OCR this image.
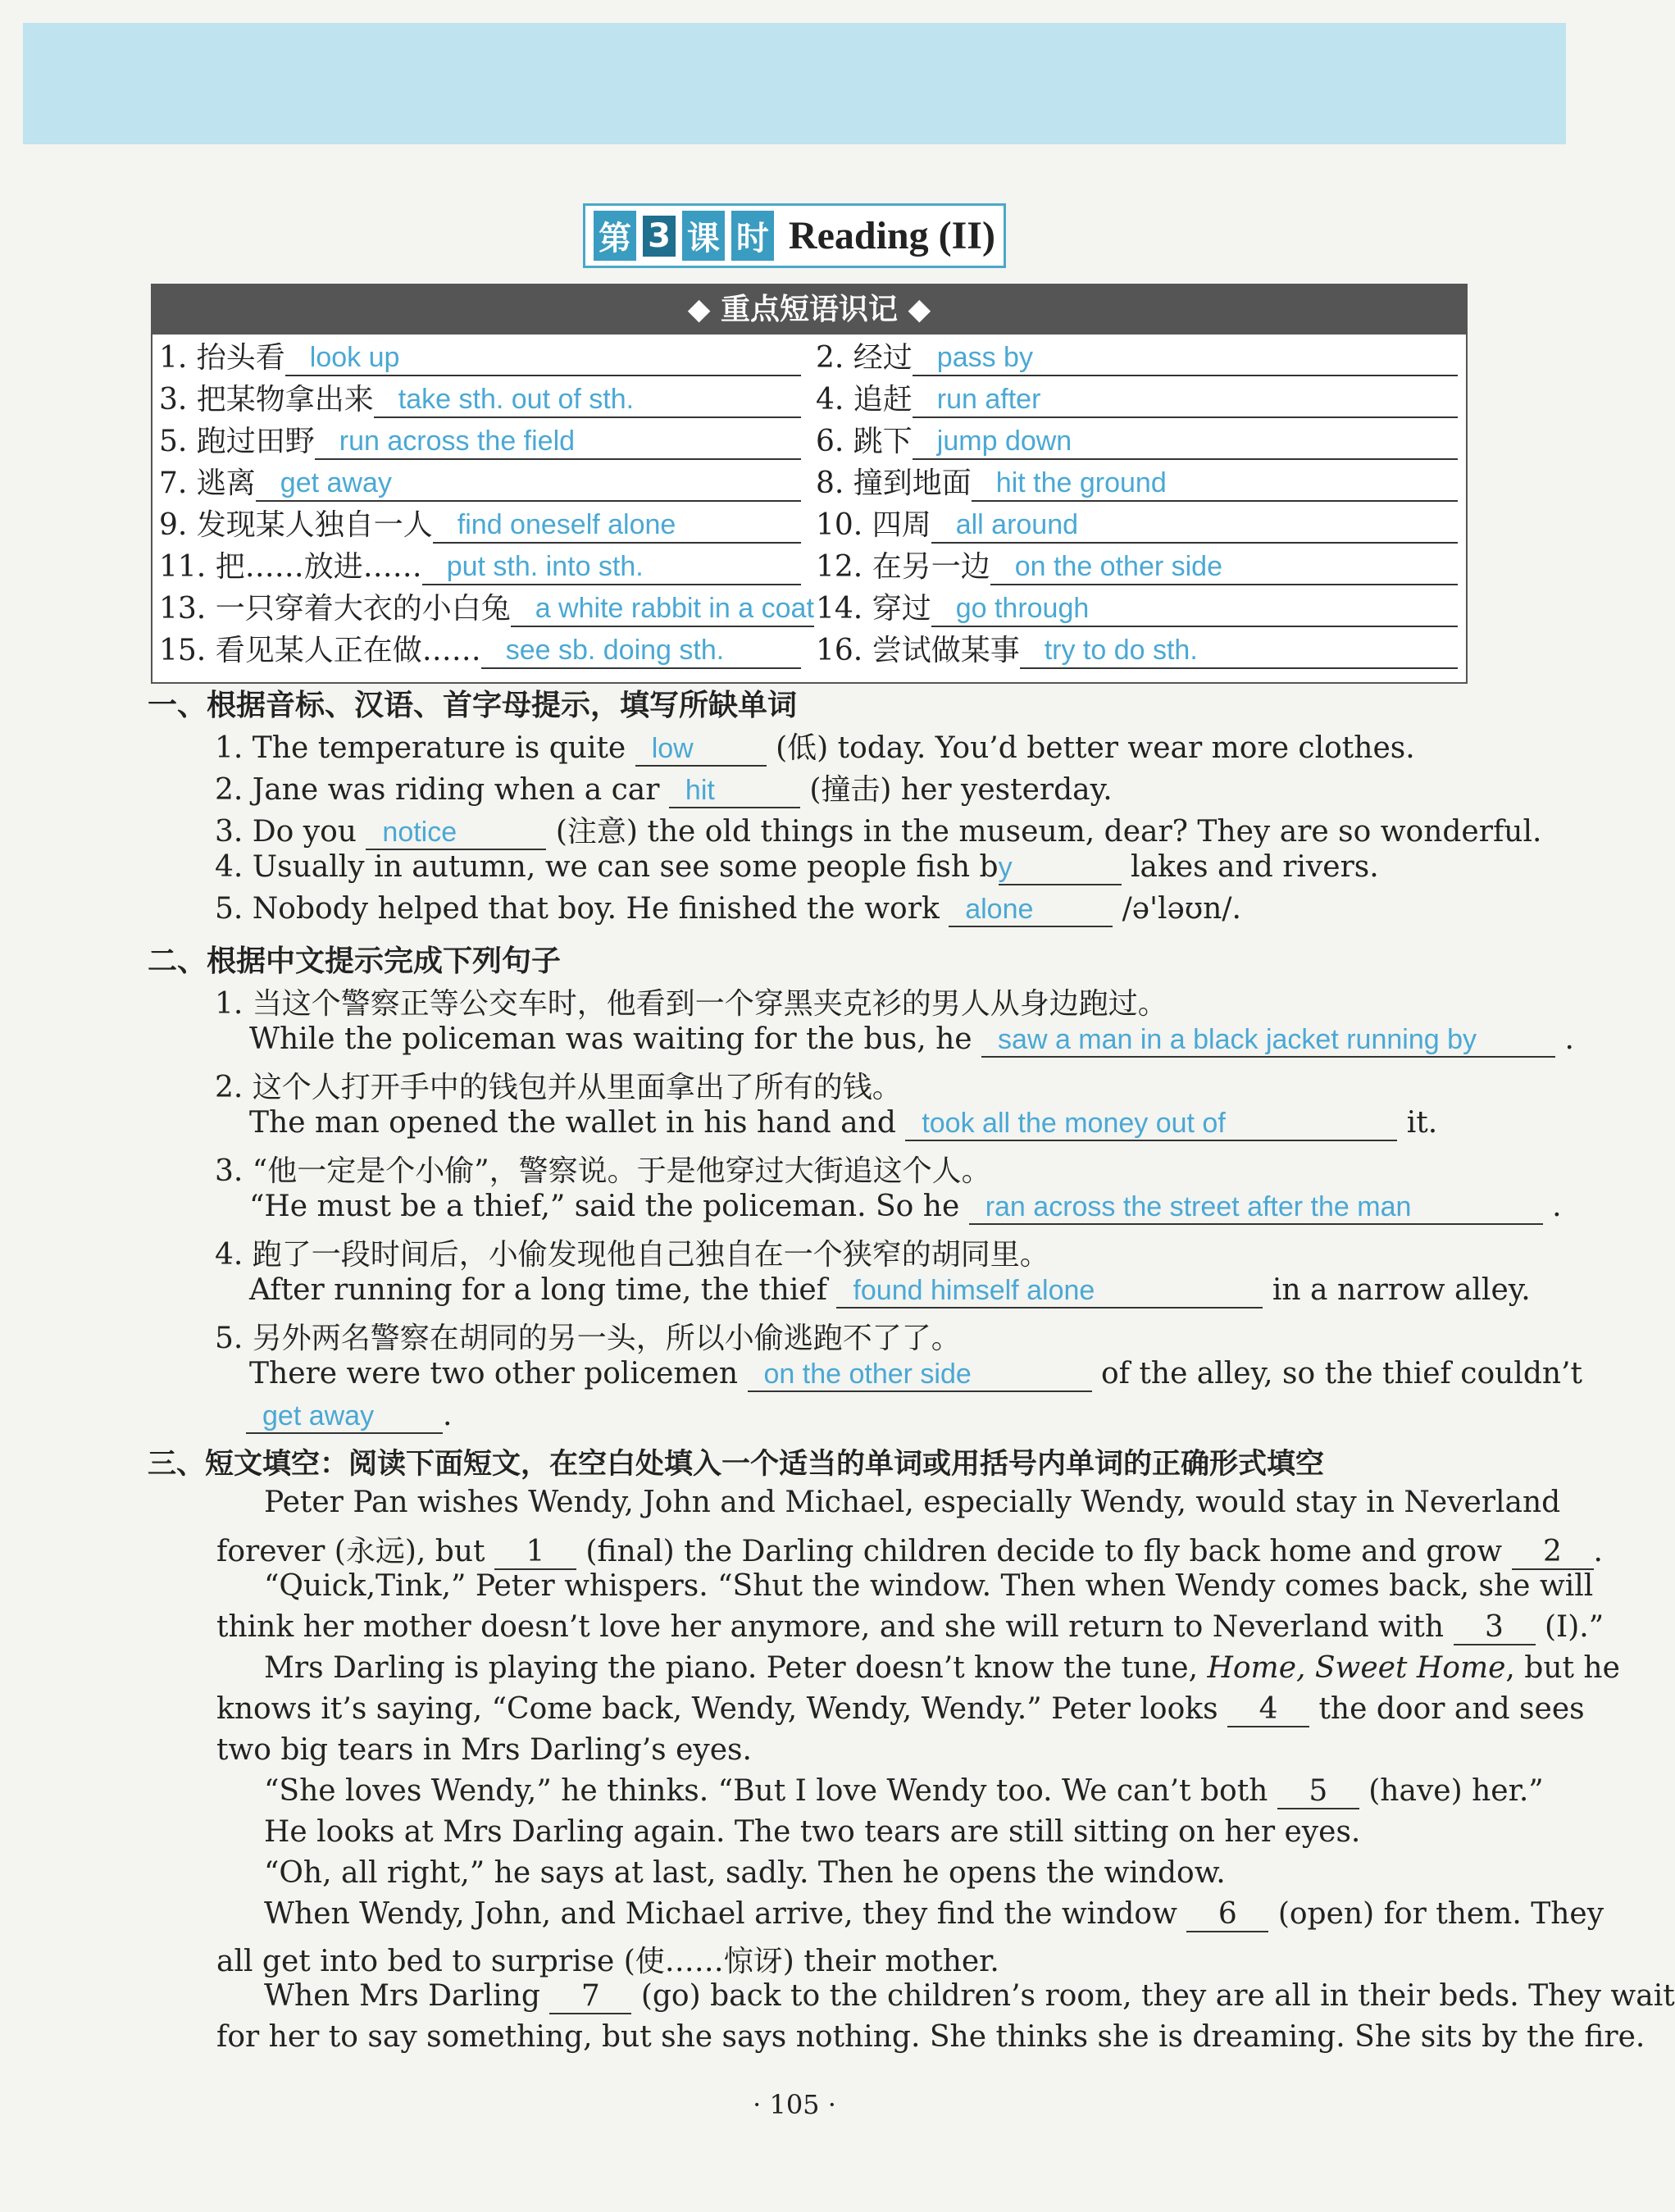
第 3 课 时 Reading (II)
◆ 重点短语识记 ◆
1. 抬头看 look up	2. 经过 pass by
3. 把某物拿出来 take sth. out of sth.	4. 追赶 run after
5. 跑过田野 run across the field	6. 跳下 jump down
7. 逃离 get away	8. 撞到地面 hit the ground
9. 发现某人独自一人 find oneself alone	10. 四周 all around
11. 把……放进…… put sth. into sth.	12. 在另一边 on the other side
13. 一只穿着大衣的小白兔 a white rabbit in a coat 14. 穿过 go through
15. 看见某人正在做…… see sb. doing sth.	16. 尝试做某事 try to do sth.
一、根据音标、汉语、首字母提示，填写所缺单词
1. The temperature is quite low	(低) today. You’d better wear more clothes.
2. Jane was riding when a car hit	(撞击) her yesterday.
3. Do you notice	(注意) the old things in the museum, dear? They are so wonderful.
4. Usually in autumn, we can see some people fish by	lakes and rivers.
5. Nobody helped that boy. He finished the work alone	/ə'ləʊn/.
二、根据中文提示完成下列句子
1. 当这个警察正等公交车时，他看到一个穿黑夹克衫的男人从身边跑过。
While the policeman was waiting for the bus, he saw a man in a black jacket running by	.
2. 这个人打开手中的钱包并从里面拿出了所有的钱。
The man opened the wallet in his hand and took all the money out of	it.
3. “他一定是个小偷”，警察说。于是他穿过大街追这个人。
“He must be a thief,” said the policeman. So he ran across the street after the man	.
4. 跑了一段时间后，小偷发现他自己独自在一个狭窄的胡同里。
After running for a long time, the thief found himself alone	in a narrow alley.
5. 另外两名警察在胡同的另一头，所以小偷逃跑不了了。
There were two other policemen on the other side	of the alley, so the thief couldn’t
get away .
三、短文填空：阅读下面短文，在空白处填入一个适当的单词或用括号内单词的正确形式填空
Peter Pan wishes Wendy, John and Michael, especially Wendy, would stay in Neverland
forever (永远), but 1 (final) the Darling children decide to fly back home and grow 2 .
“Quick,Tink,” Peter whispers. “Shut the window. Then when Wendy comes back, she will
think her mother doesn’t love her anymore, and she will return to Neverland with 3 (I).”
Mrs Darling is playing the piano. Peter doesn’t know the tune, Home, Sweet Home, but he
knows it’s saying, “Come back, Wendy, Wendy, Wendy.” Peter looks 4 the door and sees
two big tears in Mrs Darling’s eyes.
“She loves Wendy,” he thinks. “But I love Wendy too. We can’t both 5 (have) her.”
He looks at Mrs Darling again. The two tears are still sitting on her eyes.
“Oh, all right,” he says at last, sadly. Then he opens the window.
When Wendy, John, and Michael arrive, they find the window 6 (open) for them. They
all get into bed to surprise (使……惊讶) their mother.
When Mrs Darling 7 (go) back to the children’s room, they are all in their beds. They wait
for her to say something, but she says nothing. She thinks she is dreaming. She sits by the fire.
· 105 ·
